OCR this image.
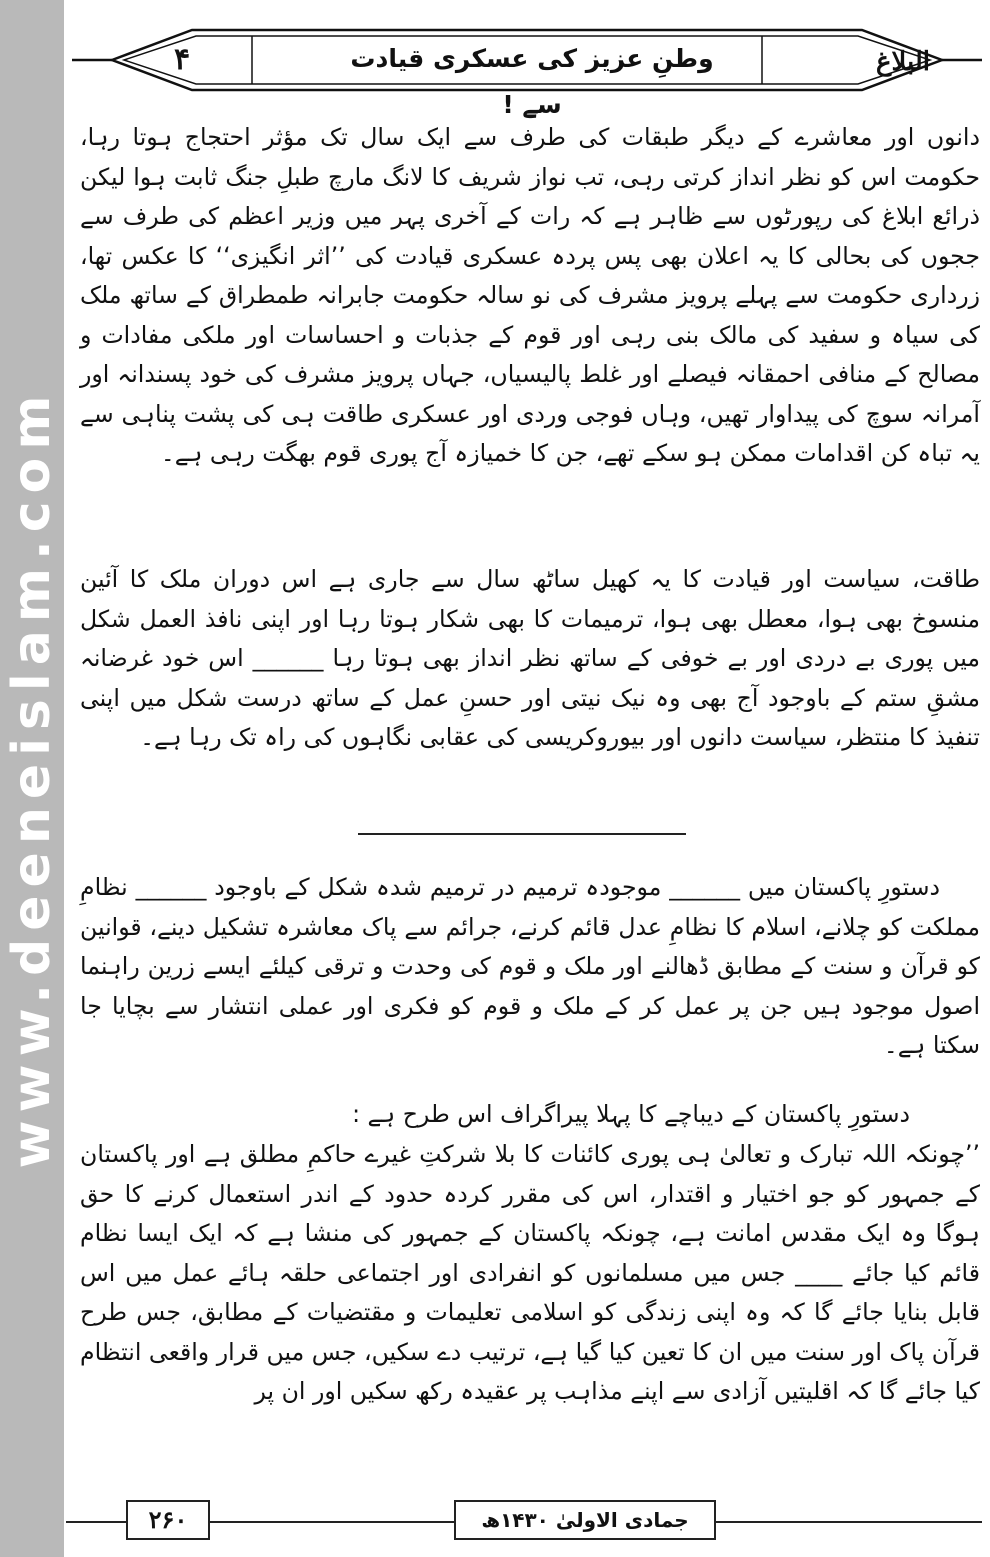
www.deeneislam.com
۴	وطنِ عزیز کی عسکری قیادت سے !
البلاغ

دانوں اور معاشرے کے دیگر طبقات کی طرف سے ایک سال تک مؤثر احتجاج ہوتا رہا، حکومت اس کو نظر انداز کرتی رہی، تب نواز شریف کا لانگ مارچ طبلِ جنگ ثابت ہوا لیکن ذرائع ابلاغ کی رپورٹوں سے ظاہر ہے کہ رات کے آخری پہر میں وزیر اعظم کی طرف سے ججوں کی بحالی کا یہ اعلان بھی پس پردہ عسکری قیادت کی ’’اثر انگیزی‘‘ کا عکس تھا، زرداری حکومت سے پہلے پرویز مشرف کی نو سالہ حکومت جابرانہ طمطراق کے ساتھ ملک کی سیاہ و سفید کی مالک بنی رہی اور قوم کے جذبات و احساسات اور ملکی مفادات و مصالح کے منافی احمقانہ فیصلے اور غلط پالیسیاں، جہاں پرویز مشرف کی خود پسندانہ اور آمرانہ سوچ کی پیداوار تھیں، وہاں فوجی وردی اور عسکری طاقت ہی کی پشت پناہی سے یہ تباہ کن اقدامات ممکن ہو سکے تھے، جن کا خمیازہ آج پوری قوم بھگت رہی ہے۔

طاقت، سیاست اور قیادت کا یہ کھیل ساٹھ سال سے جاری ہے اس دوران ملک کا آئین منسوخ بھی ہوا، معطل بھی ہوا، ترمیمات کا بھی شکار ہوتا رہا اور اپنی نافذ العمل شکل میں پوری بے دردی اور بے خوفی کے ساتھ نظر انداز بھی ہوتا رہا ______ اس خود غرضانہ مشقِ ستم کے باوجود آج بھی وہ نیک نیتی اور حسنِ عمل کے ساتھ درست شکل میں اپنی تنفیذ کا منتظر، سیاست دانوں اور بیوروکریسی کی عقابی نگاہوں کی راہ تک رہا ہے۔

دستورِ پاکستان میں ______ موجودہ ترمیم در ترمیم شدہ شکل کے باوجود ______ نظامِ مملکت کو چلانے، اسلام کا نظامِ عدل قائم کرنے، جرائم سے پاک معاشرہ تشکیل دینے، قوانین کو قرآن و سنت کے مطابق ڈھالنے اور ملک و قوم کی وحدت و ترقی کیلئے ایسے زرین راہنما اصول موجود ہیں جن پر عمل کر کے ملک و قوم کو فکری اور عملی انتشار سے بچایا جا سکتا ہے۔

دستورِ پاکستان کے دیباچے کا پہلا پیراگراف اس طرح ہے :

’’چونکہ اللہ تبارک و تعالیٰ ہی پوری کائنات کا بلا شرکتِ غیرے حاکمِ مطلق ہے اور پاکستان کے جمہور کو جو اختیار و اقتدار، اس کی مقرر کردہ حدود کے اندر استعمال کرنے کا حق ہوگا وہ ایک مقدس امانت ہے، چونکہ پاکستان کے جمہور کی منشا ہے کہ ایک ایسا نظام قائم کیا جائے ____ جس میں مسلمانوں کو انفرادی اور اجتماعی حلقہ ہائے عمل میں اس قابل بنایا جائے گا کہ وہ اپنی زندگی کو اسلامی تعلیمات و مقتضیات کے مطابق، جس طرح قرآن پاک اور سنت میں ان کا تعین کیا گیا ہے، ترتیب دے سکیں، جس میں قرار واقعی انتظام کیا جائے گا کہ اقلیتیں آزادی سے اپنے مذاہب پر عقیدہ رکھ سکیں اور ان پر

۲۶۰	جمادی الاولیٰ ۱۴۳۰ھ
